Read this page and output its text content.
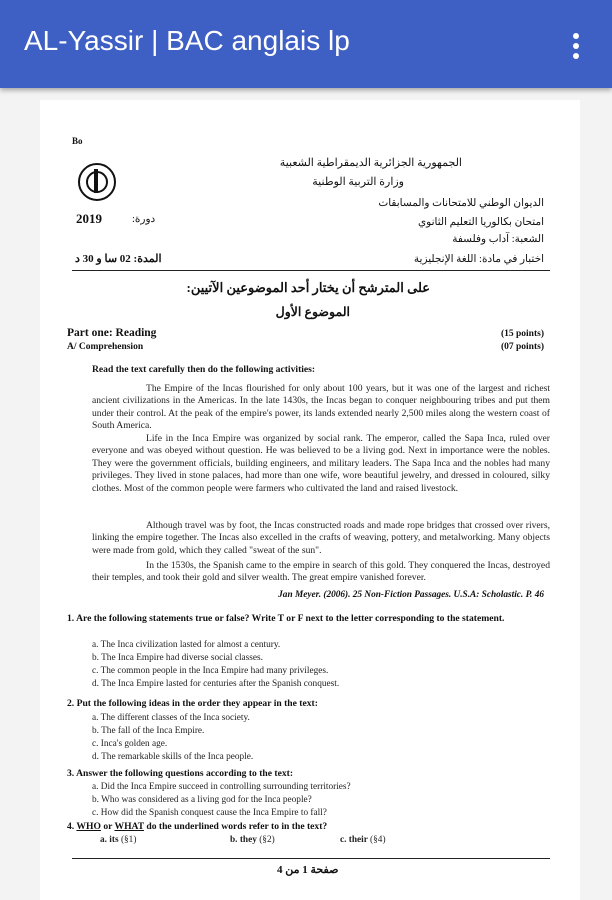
AL-Yassir | BAC anglais lp
Bo
الجمهورية الجزائرية الديمقراطية الشعبية
وزارة التربية الوطنية
الديوان الوطني للامتحانات والمسابقات
امتحان بكالوريا التعليم الثانوي
الشعبة: آداب وفلسفة
2019	دورة:
اختبار في مادة: اللغة الإنجليزية
المدة: 02 سا و 30 د
على المترشح أن يختار أحد الموضوعين الآتيين:
الموضوع الأول
Part one: Reading	(15 points)
A/ Comprehension	(07 points)
Read the text carefully then do the following activities:

The Empire of the Incas flourished for only about 100 years, but it was one of the largest and richest ancient civilizations in the Americas. In the late 1430s, the Incas began to conquer neighbouring tribes and put them under their control. At the peak of the empire's power, its lands extended nearly 2,500 miles along the western coast of South America.

Life in the Inca Empire was organized by social rank. The emperor, called the Sapa Inca, ruled over everyone and was obeyed without question. He was believed to be a living god. Next in importance were the nobles. They were the government officials, building engineers, and military leaders. The Sapa Inca and the nobles had many privileges. They lived in stone palaces, had more than one wife, wore beautiful jewelry, and dressed in coloured, silky clothes. Most of the common people were farmers who cultivated the land and raised livestock.

Although travel was by foot, the Incas constructed roads and made rope bridges that crossed over rivers, linking the empire together. The Incas also excelled in the crafts of weaving, pottery, and metalworking. Many objects were made from gold, which they called "sweat of the sun".

In the 1530s, the Spanish came to the empire in search of this gold. They conquered the Incas, destroyed their temples, and took their gold and silver wealth. The great empire vanished forever.

Jan Meyer. (2006). 25 Non-Fiction Passages. U.S.A: Scholastic. P. 46
1. Are the following statements true or false? Write T or F next to the letter corresponding to the statement.
a. The Inca civilization lasted for almost a century.
b. The Inca Empire had diverse social classes.
c. The common people in the Inca Empire had many privileges.
d. The Inca Empire lasted for centuries after the Spanish conquest.
2. Put the following ideas in the order they appear in the text:
a. The different classes of the Inca society.
b. The fall of the Inca Empire.
c. Inca's golden age.
d. The remarkable skills of the Inca people.
3. Answer the following questions according to the text:
a. Did the Inca Empire succeed in controlling surrounding territories?
b. Who was considered as a living god for the Inca people?
c. How did the Spanish conquest cause the Inca Empire to fall?
4. WHO or WHAT do the underlined words refer to in the text?
a. its (§1)	b. they (§2)	c. their (§4)
صفحة 1 من 4
